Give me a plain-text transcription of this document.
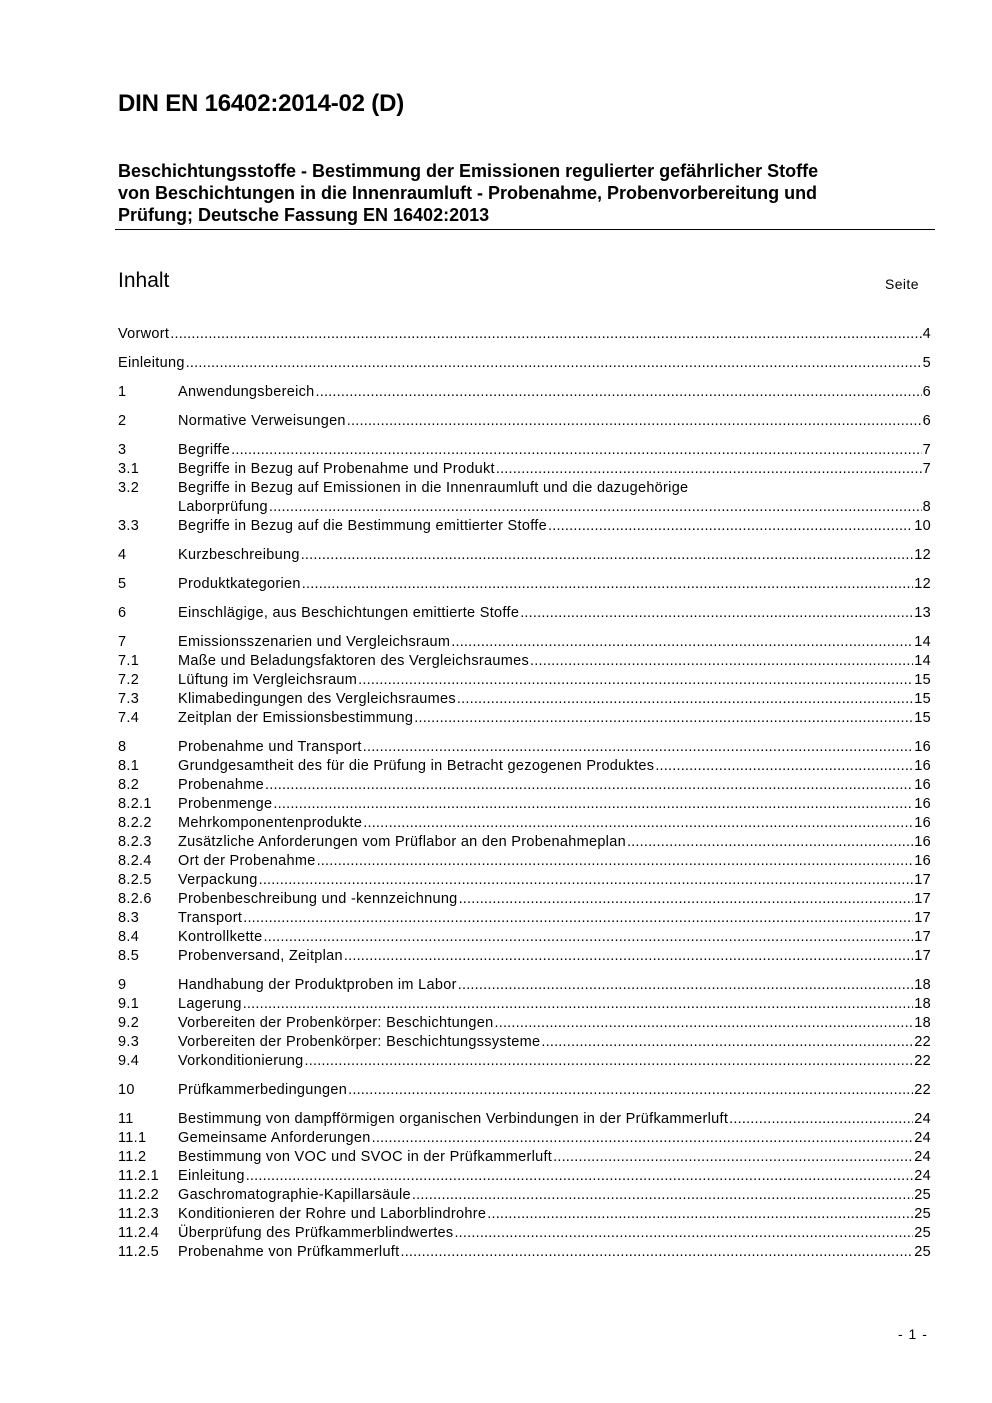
DIN EN 16402:2014-02 (D)
Beschichtungsstoffe - Bestimmung der Emissionen regulierter gefährlicher Stoffe
von Beschichtungen in die Innenraumluft - Probenahme, Probenvorbereitung und
Prüfung; Deutsche Fassung EN 16402:2013
Inhalt	Seite
Vorwort .....	4
Einleitung .....	5
1	Anwendungsbereich .....	6
2	Normative Verweisungen .....	6
3	Begriffe .....	7
3.1	Begriffe in Bezug auf Probenahme und Produkt .....	7
3.2	Begriffe in Bezug auf Emissionen in die Innenraumluft und die dazugehörige
Laborprüfung .....	8
3.3	Begriffe in Bezug auf die Bestimmung emittierter Stoffe .....	10
4	Kurzbeschreibung .....	12
5	Produktkategorien .....	12
6	Einschlägige, aus Beschichtungen emittierte Stoffe .....	13
7	Emissionsszenarien und Vergleichsraum .....	14
7.1	Maße und Beladungsfaktoren des Vergleichsraumes .....	14
7.2	Lüftung im Vergleichsraum .....	15
7.3	Klimabedingungen des Vergleichsraumes .....	15
7.4	Zeitplan der Emissionsbestimmung .....	15
8	Probenahme und Transport .....	16
8.1	Grundgesamtheit des für die Prüfung in Betracht gezogenen Produktes .....	16
8.2	Probenahme .....	16
8.2.1 Probenmenge .....	16
8.2.2 Mehrkomponentenprodukte .....	16
8.2.3 Zusätzliche Anforderungen vom Prüflabor an den Probenahmeplan .....	16
8.2.4 Ort der Probenahme .....	16
8.2.5 Verpackung .....	17
8.2.6 Probenbeschreibung und -kennzeichnung .....	17
8.3	Transport .....	17
8.4	Kontrollkette .....	17
8.5	Probenversand, Zeitplan .....	17
9	Handhabung der Produktproben im Labor .....	18
9.1	Lagerung .....	18
9.2	Vorbereiten der Probenkörper: Beschichtungen .....	18
9.3	Vorbereiten der Probenkörper: Beschichtungssysteme .....	22
9.4	Vorkonditionierung .....	22
10	Prüfkammerbedingungen .....	22
11	Bestimmung von dampfförmigen organischen Verbindungen in der Prüfkammerluft .....	24
11.1 Gemeinsame Anforderungen .....	24
11.2 Bestimmung von VOC und SVOC in der Prüfkammerluft .....	24
11.2.1 Einleitung .....	24
11.2.2 Gaschromatographie-Kapillarsäule .....	25
11.2.3 Konditionieren der Rohre und Laborblindrohre .....	25
11.2.4 Überprüfung des Prüfkammerblindwertes .....	25
11.2.5 Probenahme von Prüfkammerluft .....	25
- 1 -
